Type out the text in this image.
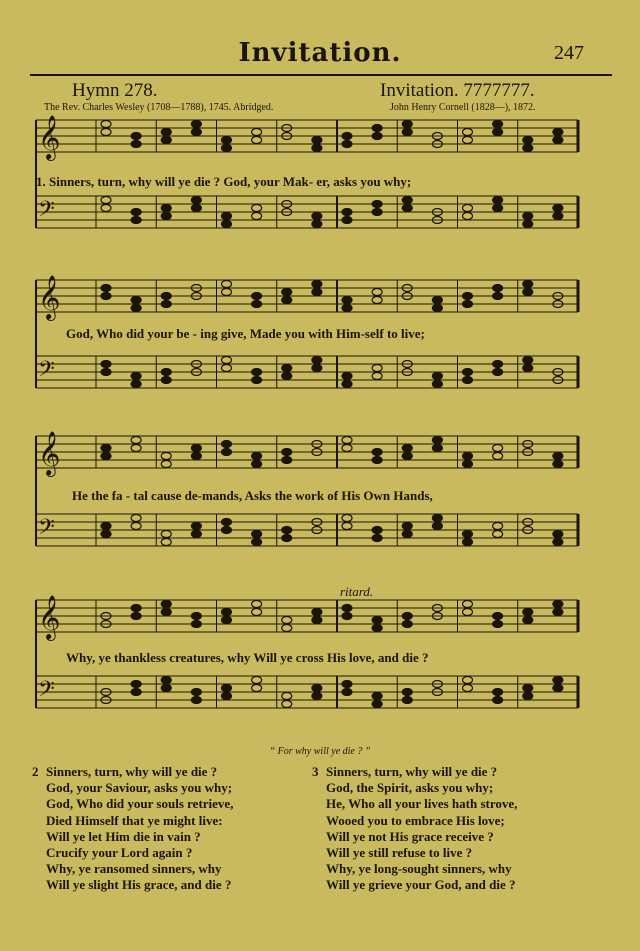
Invitation.	247
Hymn 278.	Invitation. 7777777.
The Rev. Charles Wesley (1708—1788), 1745. Abridged.	John Henry Cornell (1828—), 1872.
𝄞
𝄢
𝄞
𝄢
𝄞
𝄢
𝄞
𝄢
1. Sinners, turn, why will ye die ? God, your Mak- er, asks you why;
God, Who did your be - ing give, Made you with Him-self to live;
He the fa - tal cause de-mands, Asks the work of His Own Hands,
Why, ye thankless creatures, why Will ye cross His love, and die ?
ritard.
“ For why will ye die ? ”
2 Sinners, turn, why will ye die ?
God, your Saviour, asks you why;
God, Who did your souls retrieve,
Died Himself that ye might live:
Will ye let Him die in vain ?
Crucify your Lord again ?
Why, ye ransomed sinners, why
Will ye slight His grace, and die ?
3 Sinners, turn, why will ye die ?
God, the Spirit, asks you why;
He, Who all your lives hath strove,
Wooed you to embrace His love;
Will ye not His grace receive ?
Will ye still refuse to live ?
Why, ye long-sought sinners, why
Will ye grieve your God, and die ?
